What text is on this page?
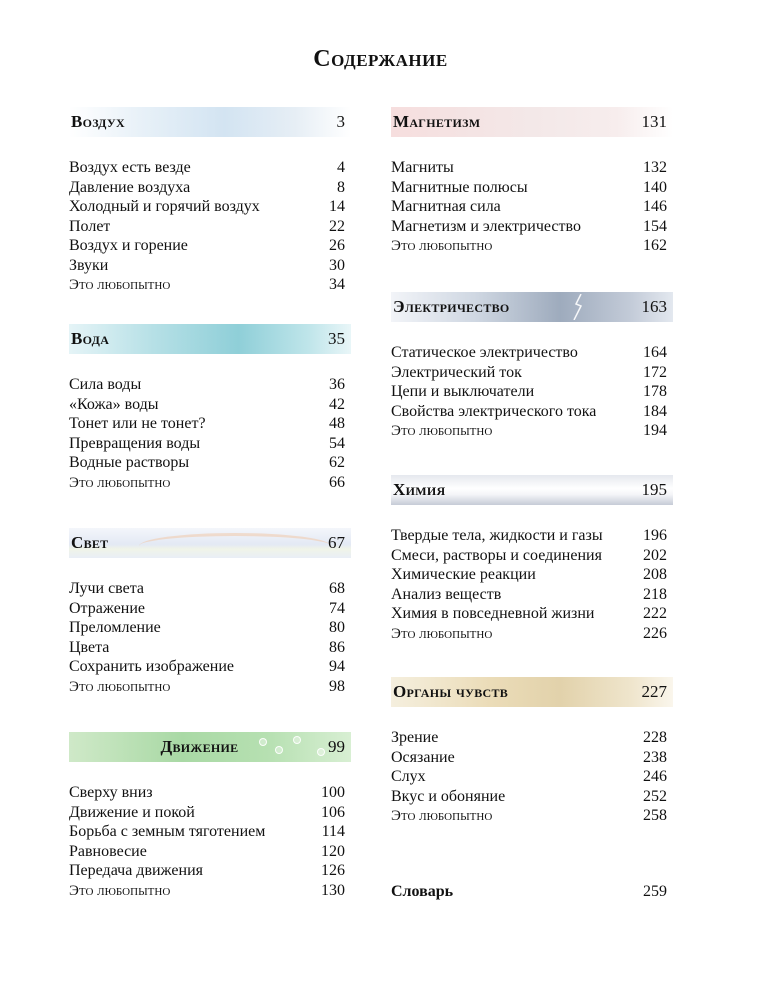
Содержание
Воздух	3
Воздух есть везде	4
Давление воздуха	8
Холодный и горячий воздух	14
Полет	22
Воздух и горение	26
Звуки	30
Это любопытно	34
Вода	35
Сила воды	36
«Кожа» воды	42
Тонет или не тонет?	48
Превращения воды	54
Водные растворы	62
Это любопытно	66
Свет	67
Лучи света	68
Отражение	74
Преломление	80
Цвета	86
Сохранить изображение	94
Это любопытно	98
Движение	99
Сверху вниз	100
Движение и покой	106
Борьба с земным тяготением	114
Равновесие	120
Передача движения	126
Это любопытно	130
Магнетизм	131
Магниты	132
Магнитные полюсы	140
Магнитная сила	146
Магнетизм и электричество	154
Это любопытно	162
Электричество	163
Статическое электричество	164
Электрический ток	172
Цепи и выключатели	178
Свойства электрического тока	184
Это любопытно	194
Химия	195
Твердые тела, жидкости и газы	196
Смеси, растворы и соединения	202
Химические реакции	208
Анализ веществ	218
Химия в повседневной жизни	222
Это любопытно	226
Органы чувств	227
Зрение	228
Осязание	238
Слух	246
Вкус и обоняние	252
Это любопытно	258
Словарь	259
